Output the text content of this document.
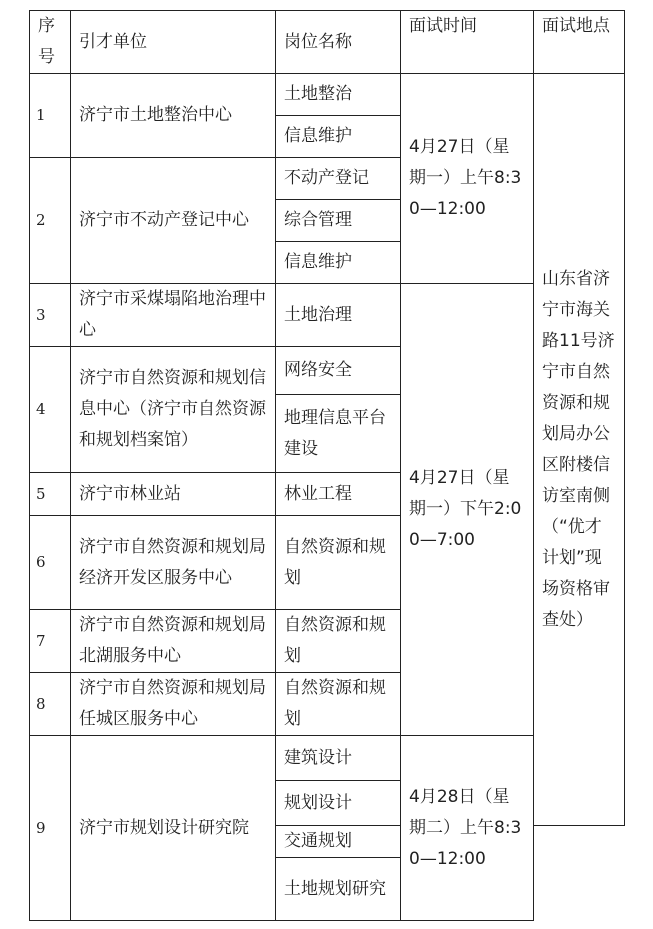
序号	引才单位	岗位名称	面试时间	面试地点
1	济宁市土地整治中心	土地整治	4月27日（星期一）上午8:30—12:00	山东省济宁市海关路11号济宁市自然资源和规划局办公区附楼信访室南侧（“优才计划”现场资格审查处）
		信息维护		
2	济宁市不动产登记中心	不动产登记		
		综合管理		
		信息维护		
3	济宁市采煤塌陷地治理中心	土地治理	4月27日（星期一）下午2:00—7:00	
4	济宁市自然资源和规划信息中心（济宁市自然资源和规划档案馆）	网络安全		
		地理信息平台建设		
5	济宁市林业站	林业工程		
6	济宁市自然资源和规划局经济开发区服务中心	自然资源和规划		
7	济宁市自然资源和规划局北湖服务中心	自然资源和规划		
8	济宁市自然资源和规划局任城区服务中心	自然资源和规划		
9	济宁市规划设计研究院	建筑设计	4月28日（星期二）上午8:30—12:00	
		规划设计		
		交通规划		
		土地规划研究		
